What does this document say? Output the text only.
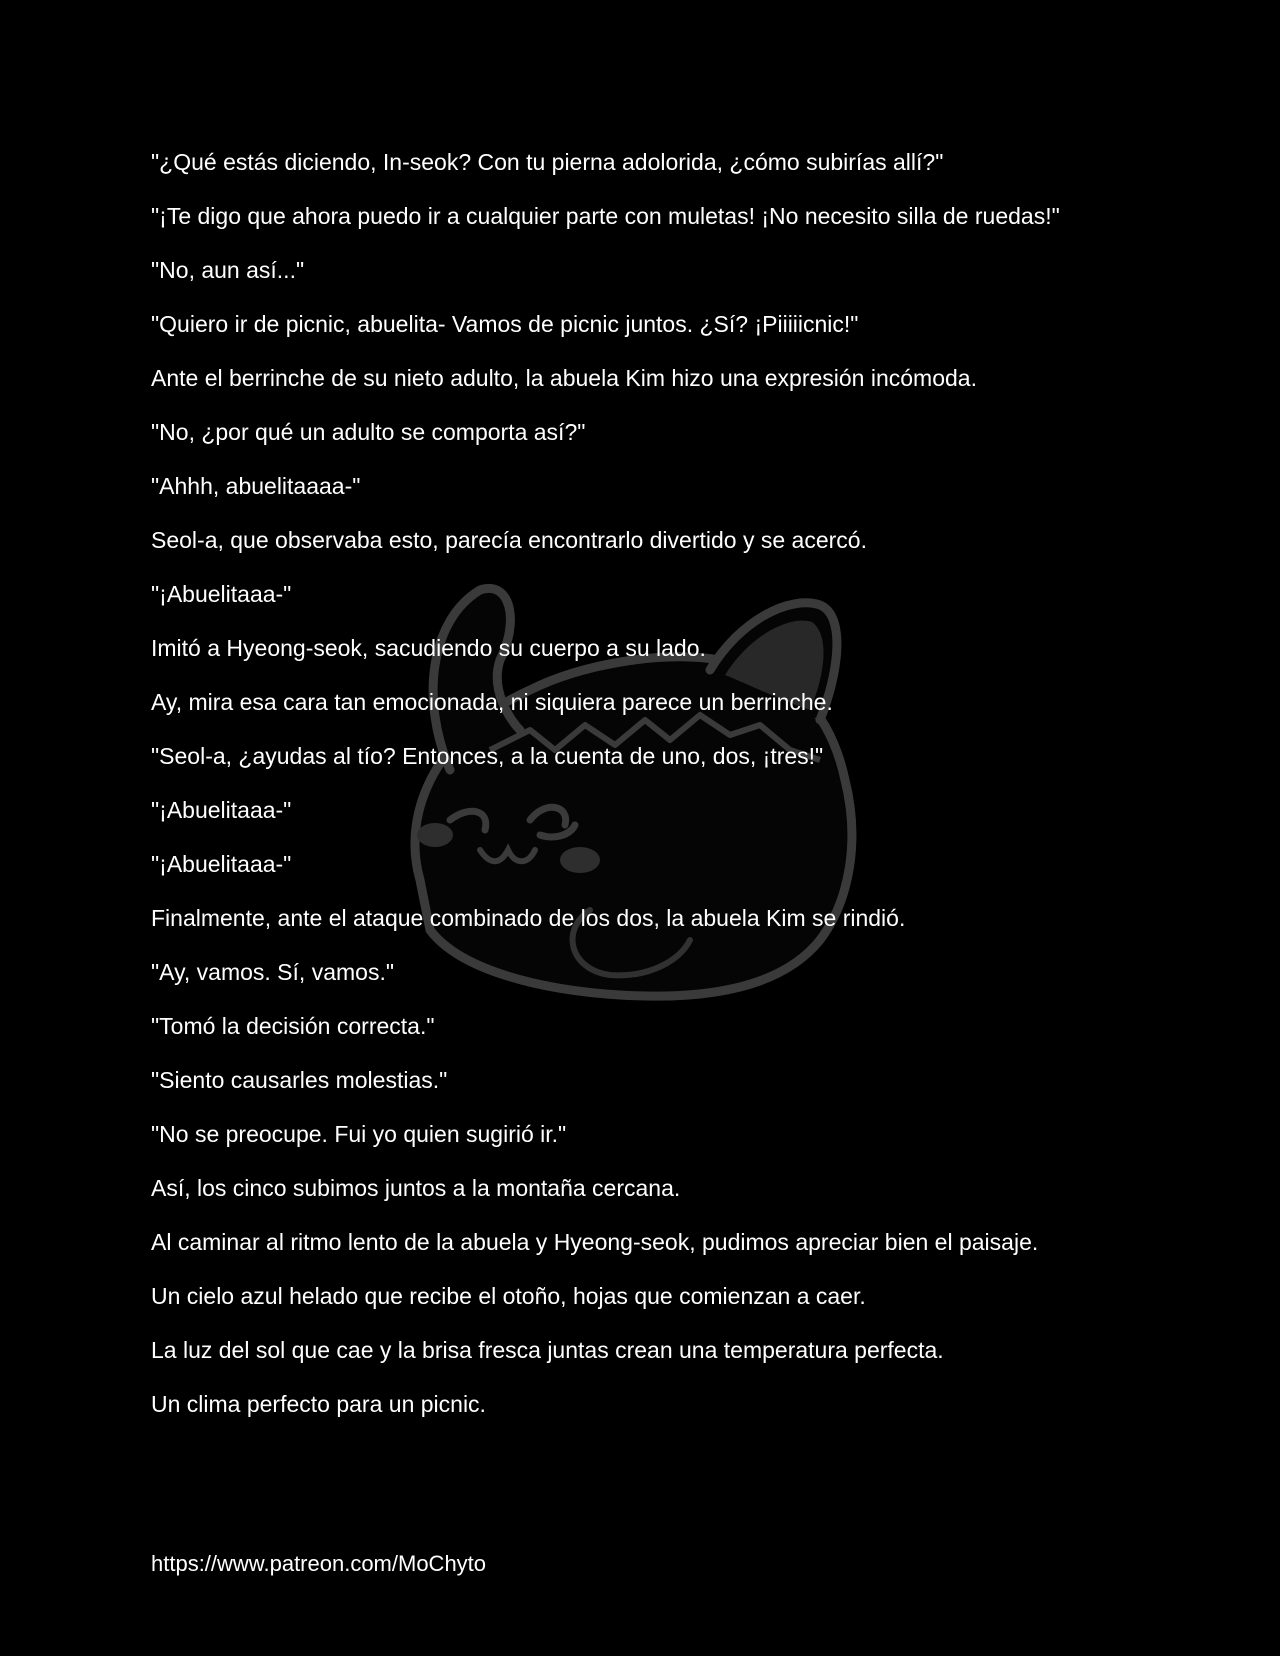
"¿Qué estás diciendo, In-seok? Con tu pierna adolorida, ¿cómo subirías allí?"

"¡Te digo que ahora puedo ir a cualquier parte con muletas! ¡No necesito silla de ruedas!"

"No, aun así..."

"Quiero ir de picnic, abuelita- Vamos de picnic juntos. ¿Sí? ¡Piiiiicnic!"

Ante el berrinche de su nieto adulto, la abuela Kim hizo una expresión incómoda.

"No, ¿por qué un adulto se comporta así?"

"Ahhh, abuelitaaaa-"

Seol-a, que observaba esto, parecía encontrarlo divertido y se acercó.

"¡Abuelitaaa-"

Imitó a Hyeong-seok, sacudiendo su cuerpo a su lado.

Ay, mira esa cara tan emocionada, ni siquiera parece un berrinche.

"Seol-a, ¿ayudas al tío? Entonces, a la cuenta de uno, dos, ¡tres!"

"¡Abuelitaaa-"

"¡Abuelitaaa-"

Finalmente, ante el ataque combinado de los dos, la abuela Kim se rindió.

"Ay, vamos. Sí, vamos."

"Tomó la decisión correcta."

"Siento causarles molestias."

"No se preocupe. Fui yo quien sugirió ir."

Así, los cinco subimos juntos a la montaña cercana.

Al caminar al ritmo lento de la abuela y Hyeong-seok, pudimos apreciar bien el paisaje.

Un cielo azul helado que recibe el otoño, hojas que comienzan a caer.

La luz del sol que cae y la brisa fresca juntas crean una temperatura perfecta.

Un clima perfecto para un picnic.

https://www.patreon.com/MoChyto
